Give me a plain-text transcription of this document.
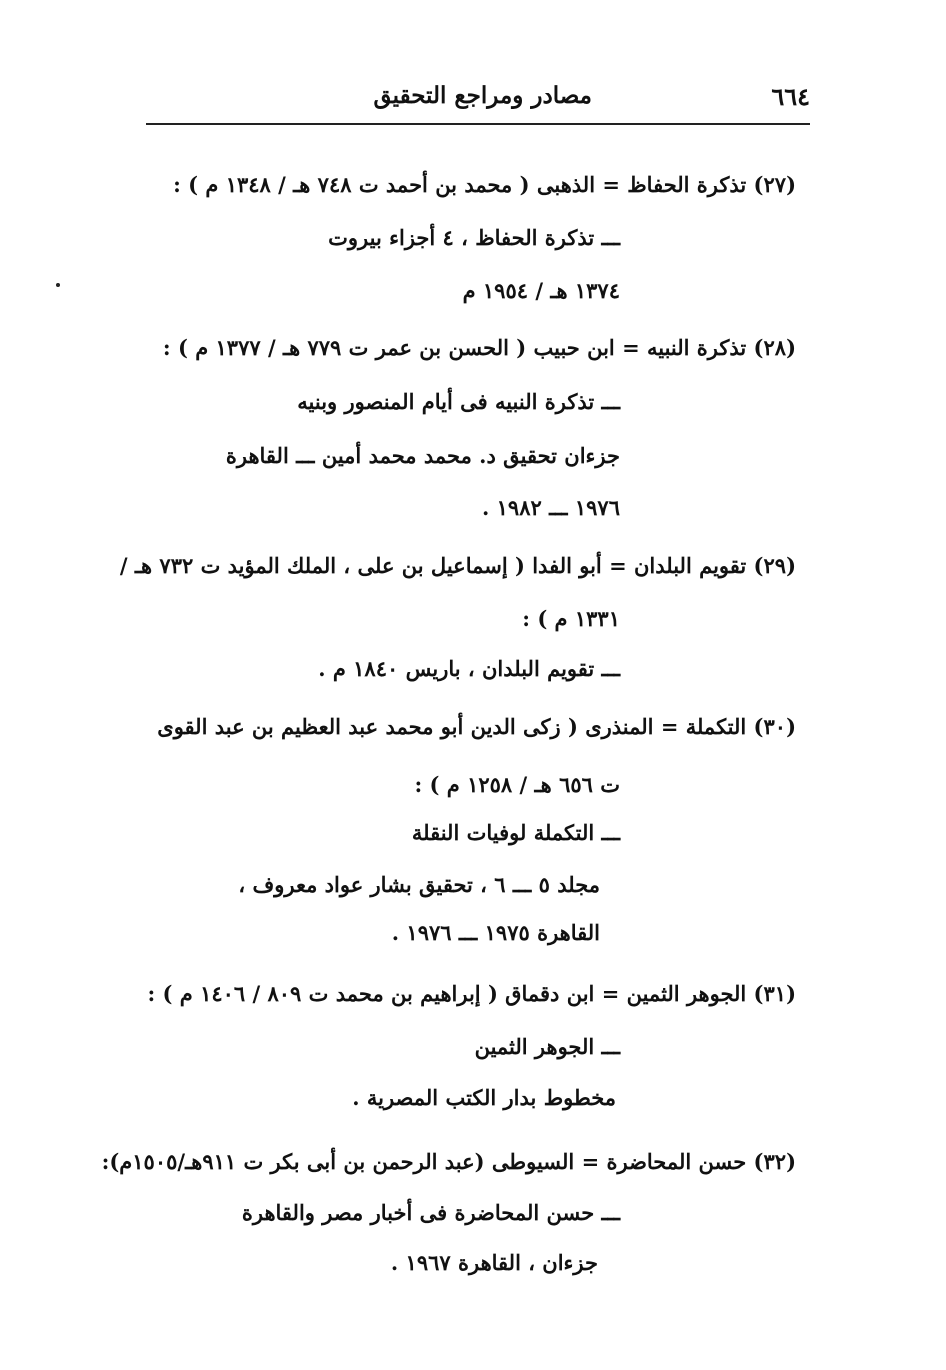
٦٦٤
مصادر ومراجع التحقيق
(٢٧) تذكرة الحفاظ = الذهبى ( محمد بن أحمد ت ٧٤٨ هـ / ١٣٤٨ م ) :
ـــ تذكرة الحفاظ ، ٤ أجزاء بيروت
١٣٧٤ هـ / ١٩٥٤ م
(٢٨) تذكرة النبيه = ابن حبيب ( الحسن بن عمر ت ٧٧٩ هـ / ١٣٧٧ م ) :
ـــ تذكرة النبيه فى أيام المنصور وبنيه
جزءان تحقيق د. محمد محمد أمين ـــ القاهرة
١٩٧٦ ـــ ١٩٨٢ .
(٢٩) تقويم البلدان = أبو الفدا ( إسماعيل بن على ، الملك المؤيد ت ٧٣٢ هـ /
١٣٣١ م ) :
ـــ تقويم البلدان ، باريس ١٨٤٠ م .
(٣٠) التكملة = المنذرى ( زكى الدين أبو محمد عبد العظيم بن عبد القوى
ت ٦٥٦ هـ / ١٢٥٨ م ) :
ـــ التكملة لوفيات النقلة
مجلد ٥ ـــ ٦ ، تحقيق بشار عواد معروف ،
القاهرة ١٩٧٥ ـــ ١٩٧٦ .
(٣١) الجوهر الثمين = ابن دقماق ( إبراهيم بن محمد ت ٨٠٩ / ١٤٠٦ م ) :
ـــ الجوهر الثمين
مخطوط بدار الكتب المصرية .
(٣٢) حسن المحاضرة = السيوطى (عبد الرحمن بن أبى بكر ت ٩١١هـ/١٥٠٥م):
ـــ حسن المحاضرة فى أخبار مصر والقاهرة
جزءان ، القاهرة ١٩٦٧ .
